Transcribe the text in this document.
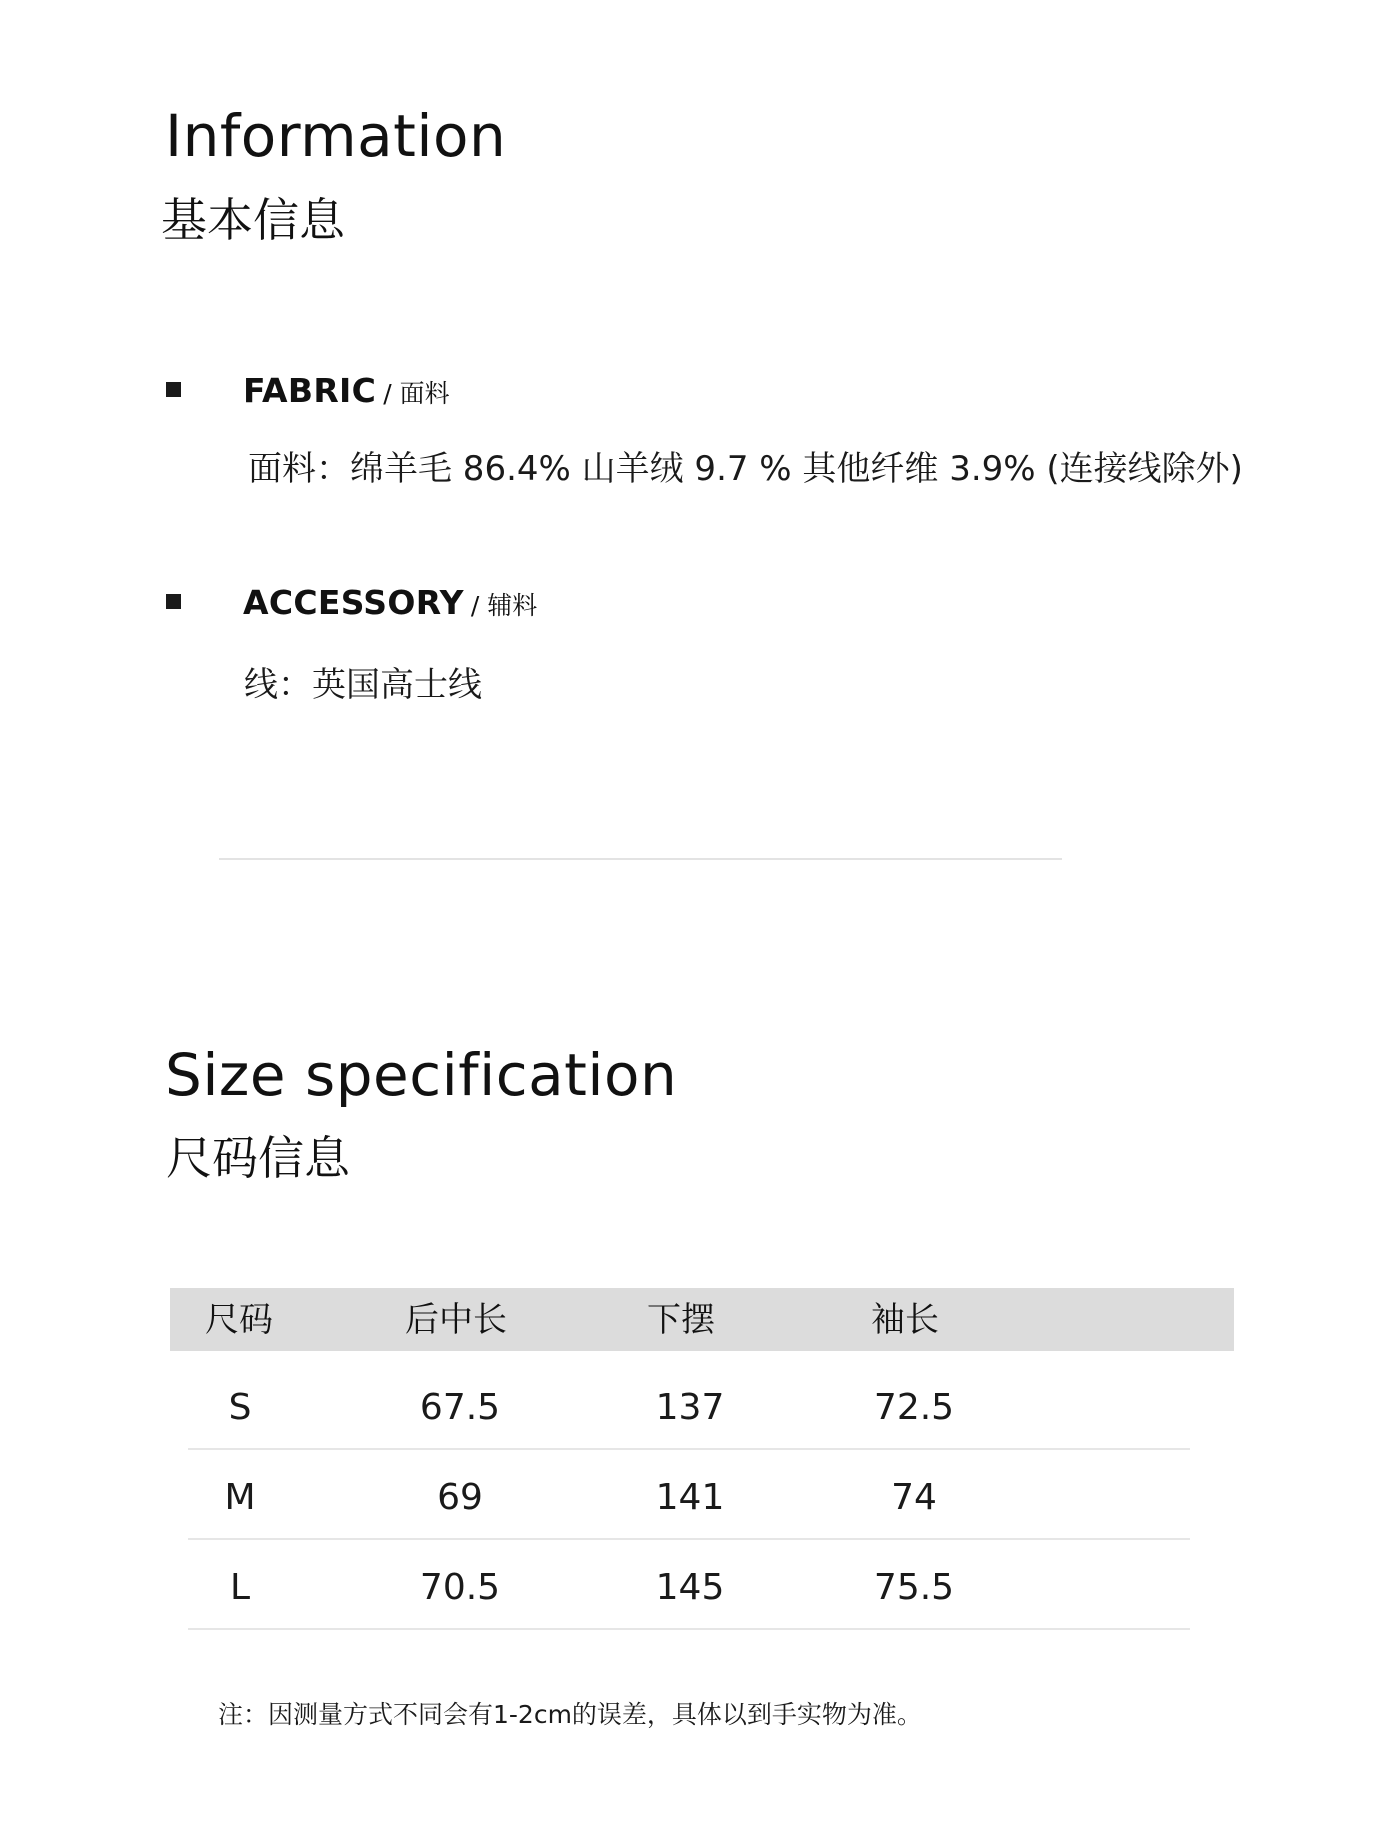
Information
基本信息
FABRIC / 面料
面料：绵羊毛 86.4% 山羊绒 9.7 % 其他纤维 3.9% (连接线除外)
ACCESSORY / 辅料
线：英国高士线
Size specification
尺码信息
尺码	后中长	下摆	袖长
S	67.5	137	72.5
M	69	141	74
L	70.5	145	75.5
注：因测量方式不同会有1-2cm的误差，具体以到手实物为准。
